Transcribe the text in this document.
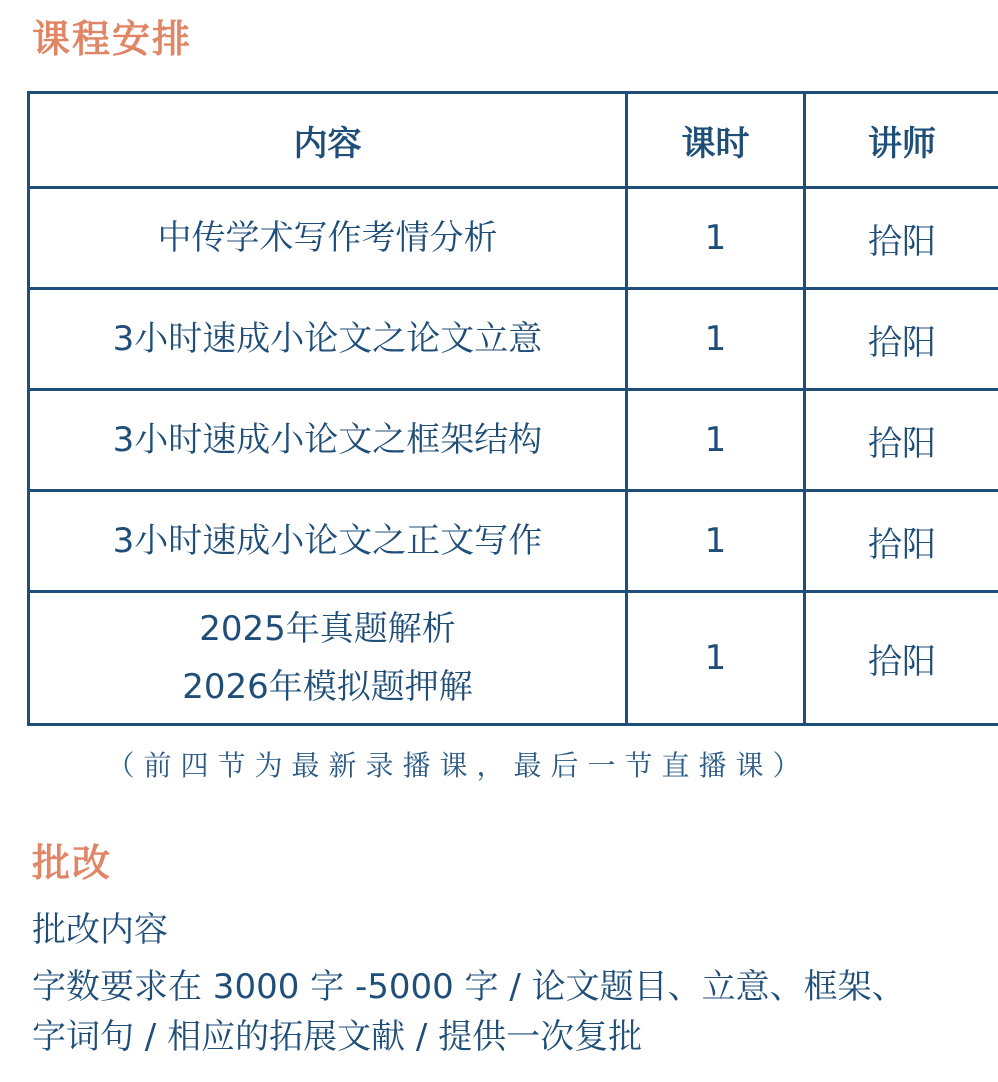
课程安排
内容	课时	讲师

中传学术写作考情分析	1	拾阳

3小时速成小论文之论文立意	1	拾阳

3小时速成小论文之框架结构	1	拾阳

3小时速成小论文之正文写作	1	拾阳

2025年真题解析
2026年模拟题押解	1	拾阳
（前四节为最新录播课，最后一节直播课）
批改
批改内容
字数要求在 3000 字 -5000 字 / 论文题目、立意、框架、
字词句 / 相应的拓展文献 / 提供一次复批
